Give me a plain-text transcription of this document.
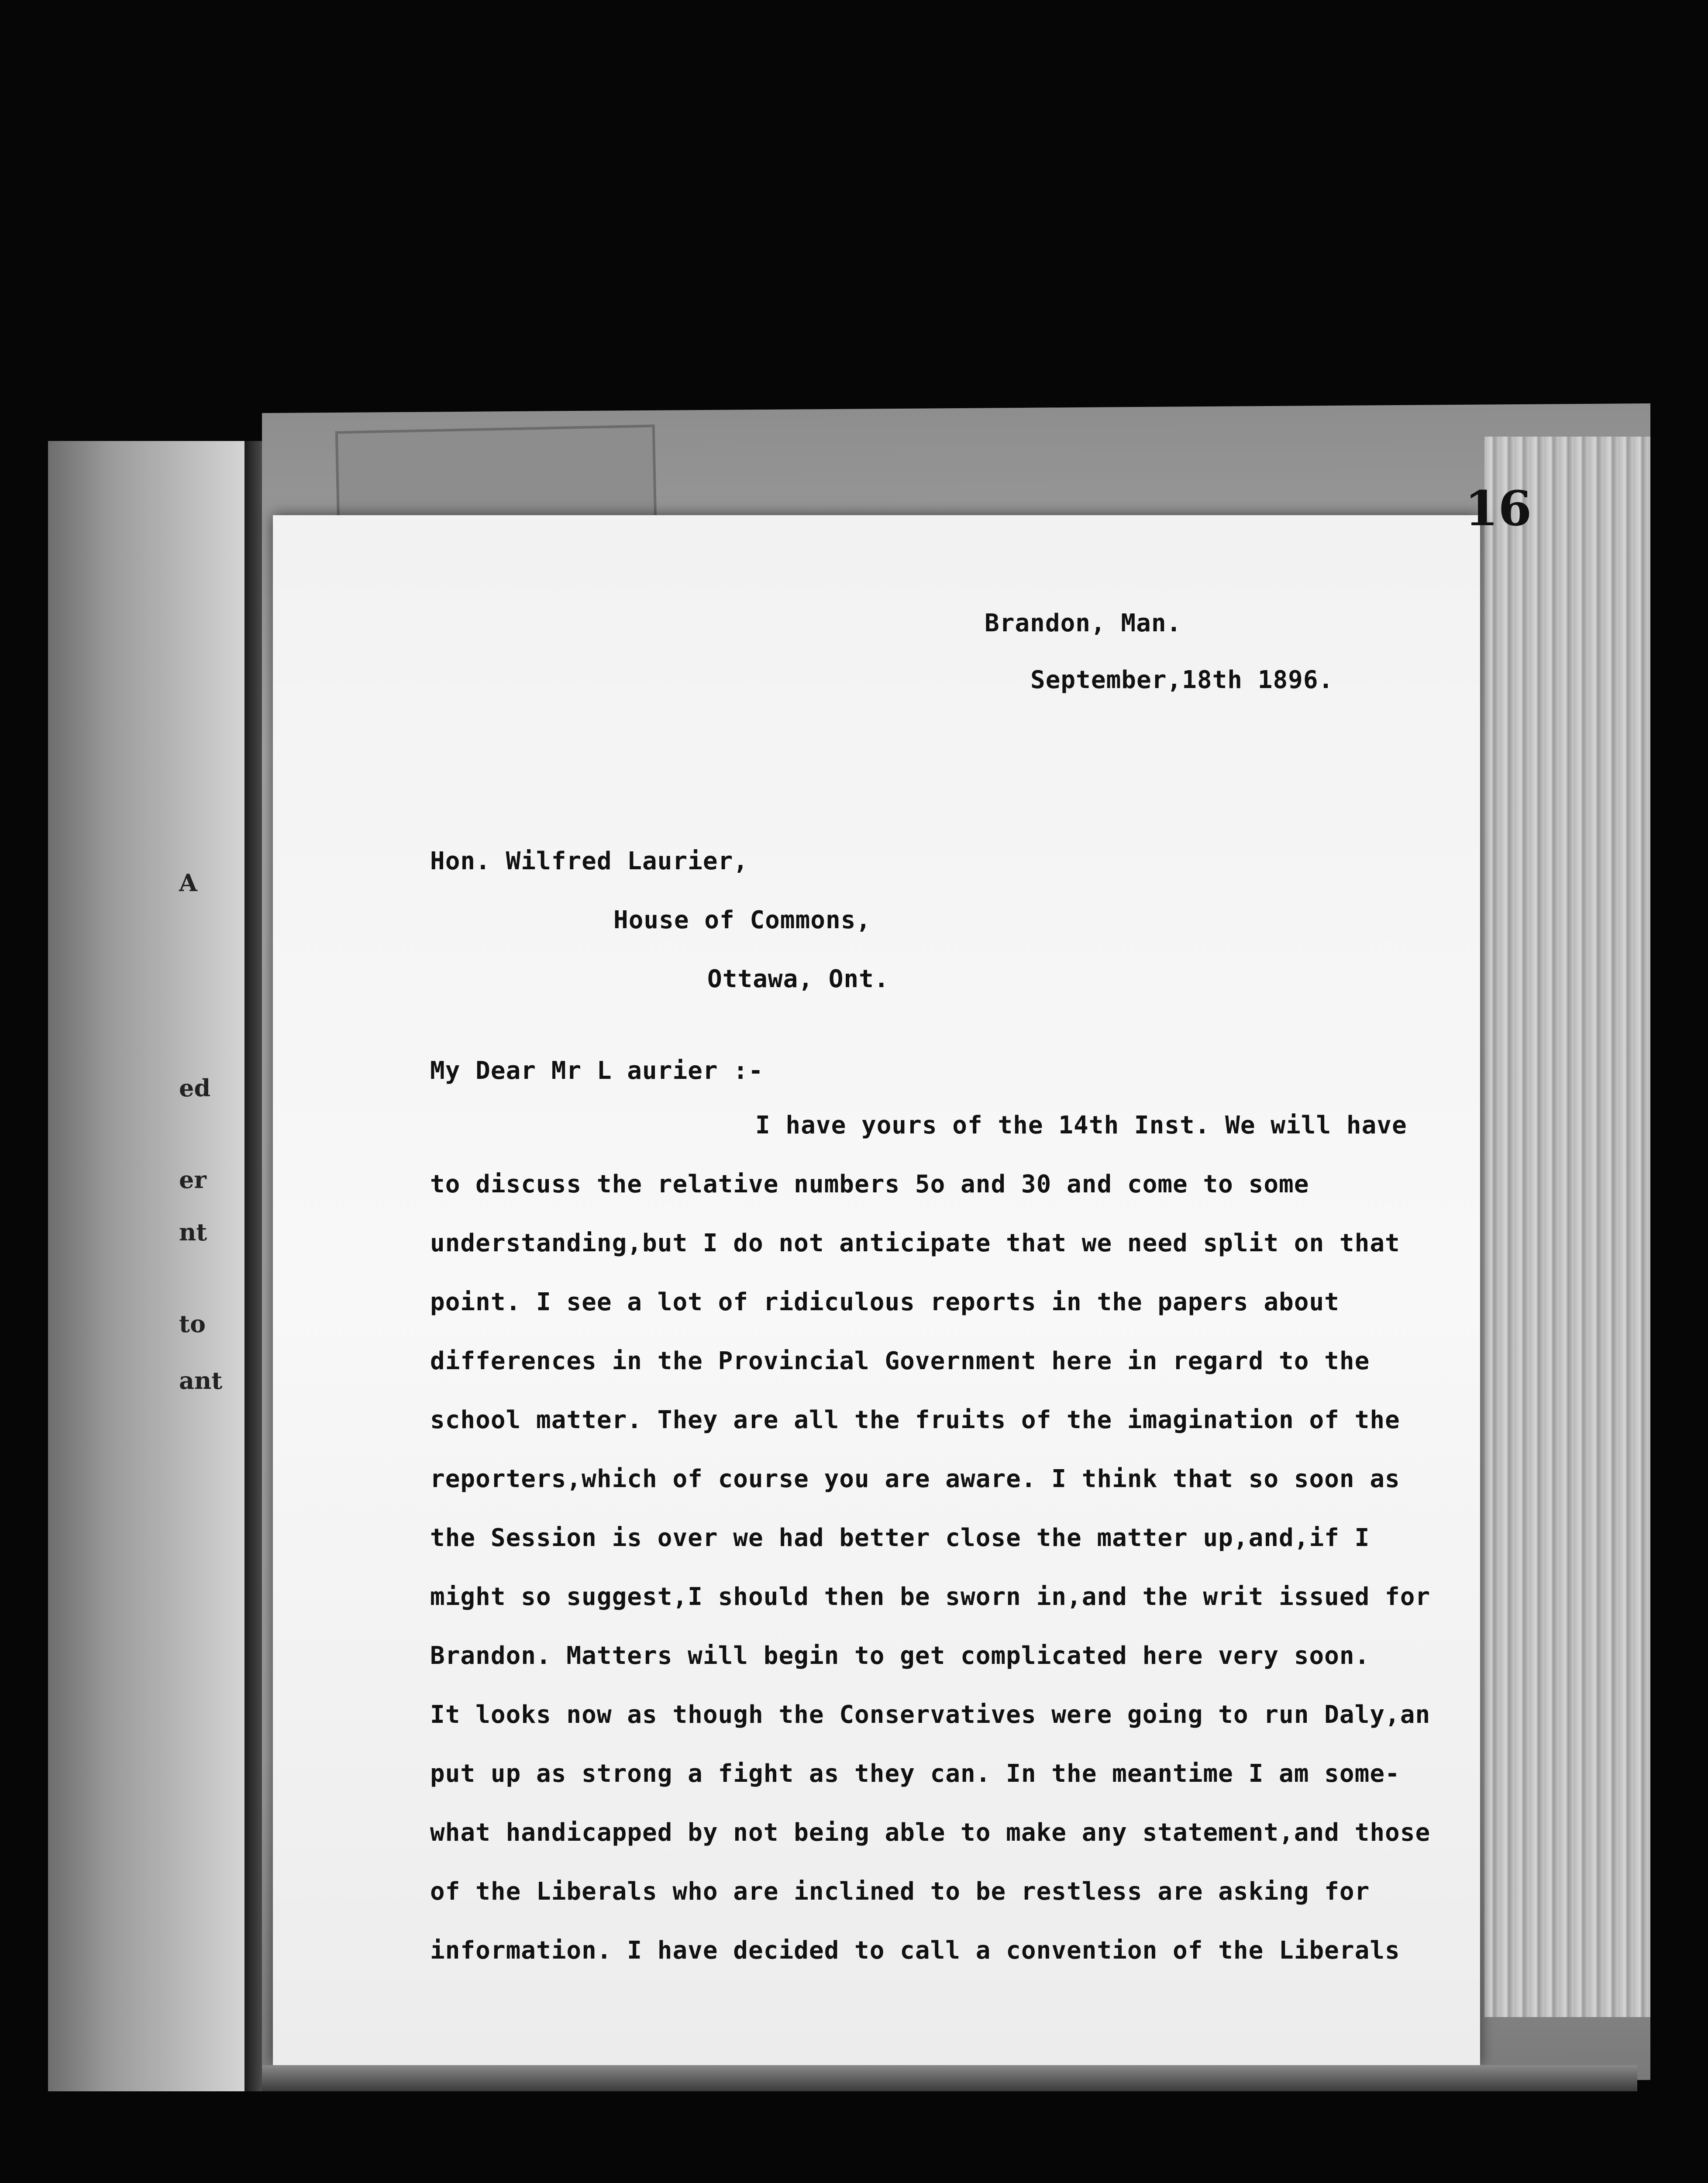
A
ed
er
nt
to
ant
16
Brandon, Man.
September,18th 1896.
Hon. Wilfred Laurier,
House of Commons,
Ottawa, Ont.
My Dear Mr L aurier :-
I have yours of the 14th Inst. We will have
to discuss the relative numbers 5o and 30 and come to some
understanding,but I do not anticipate that we need split on that
point. I see a lot of ridiculous reports in the papers about
differences in the Provincial Government here in regard to the
school matter. They are all the fruits of the imagination of the
reporters,which of course you are aware. I think that so soon as
the Session is over we had better close the matter up,and,if I
might so suggest,I should then be sworn in,and the writ issued for
Brandon. Matters will begin to get complicated here very soon.
It looks now as though the Conservatives were going to run Daly,an
put up as strong a fight as they can. In the meantime I am some-
what handicapped by not being able to make any statement,and those
of the Liberals who are inclined to be restless are asking for
information. I have decided to call a convention of the Liberals
